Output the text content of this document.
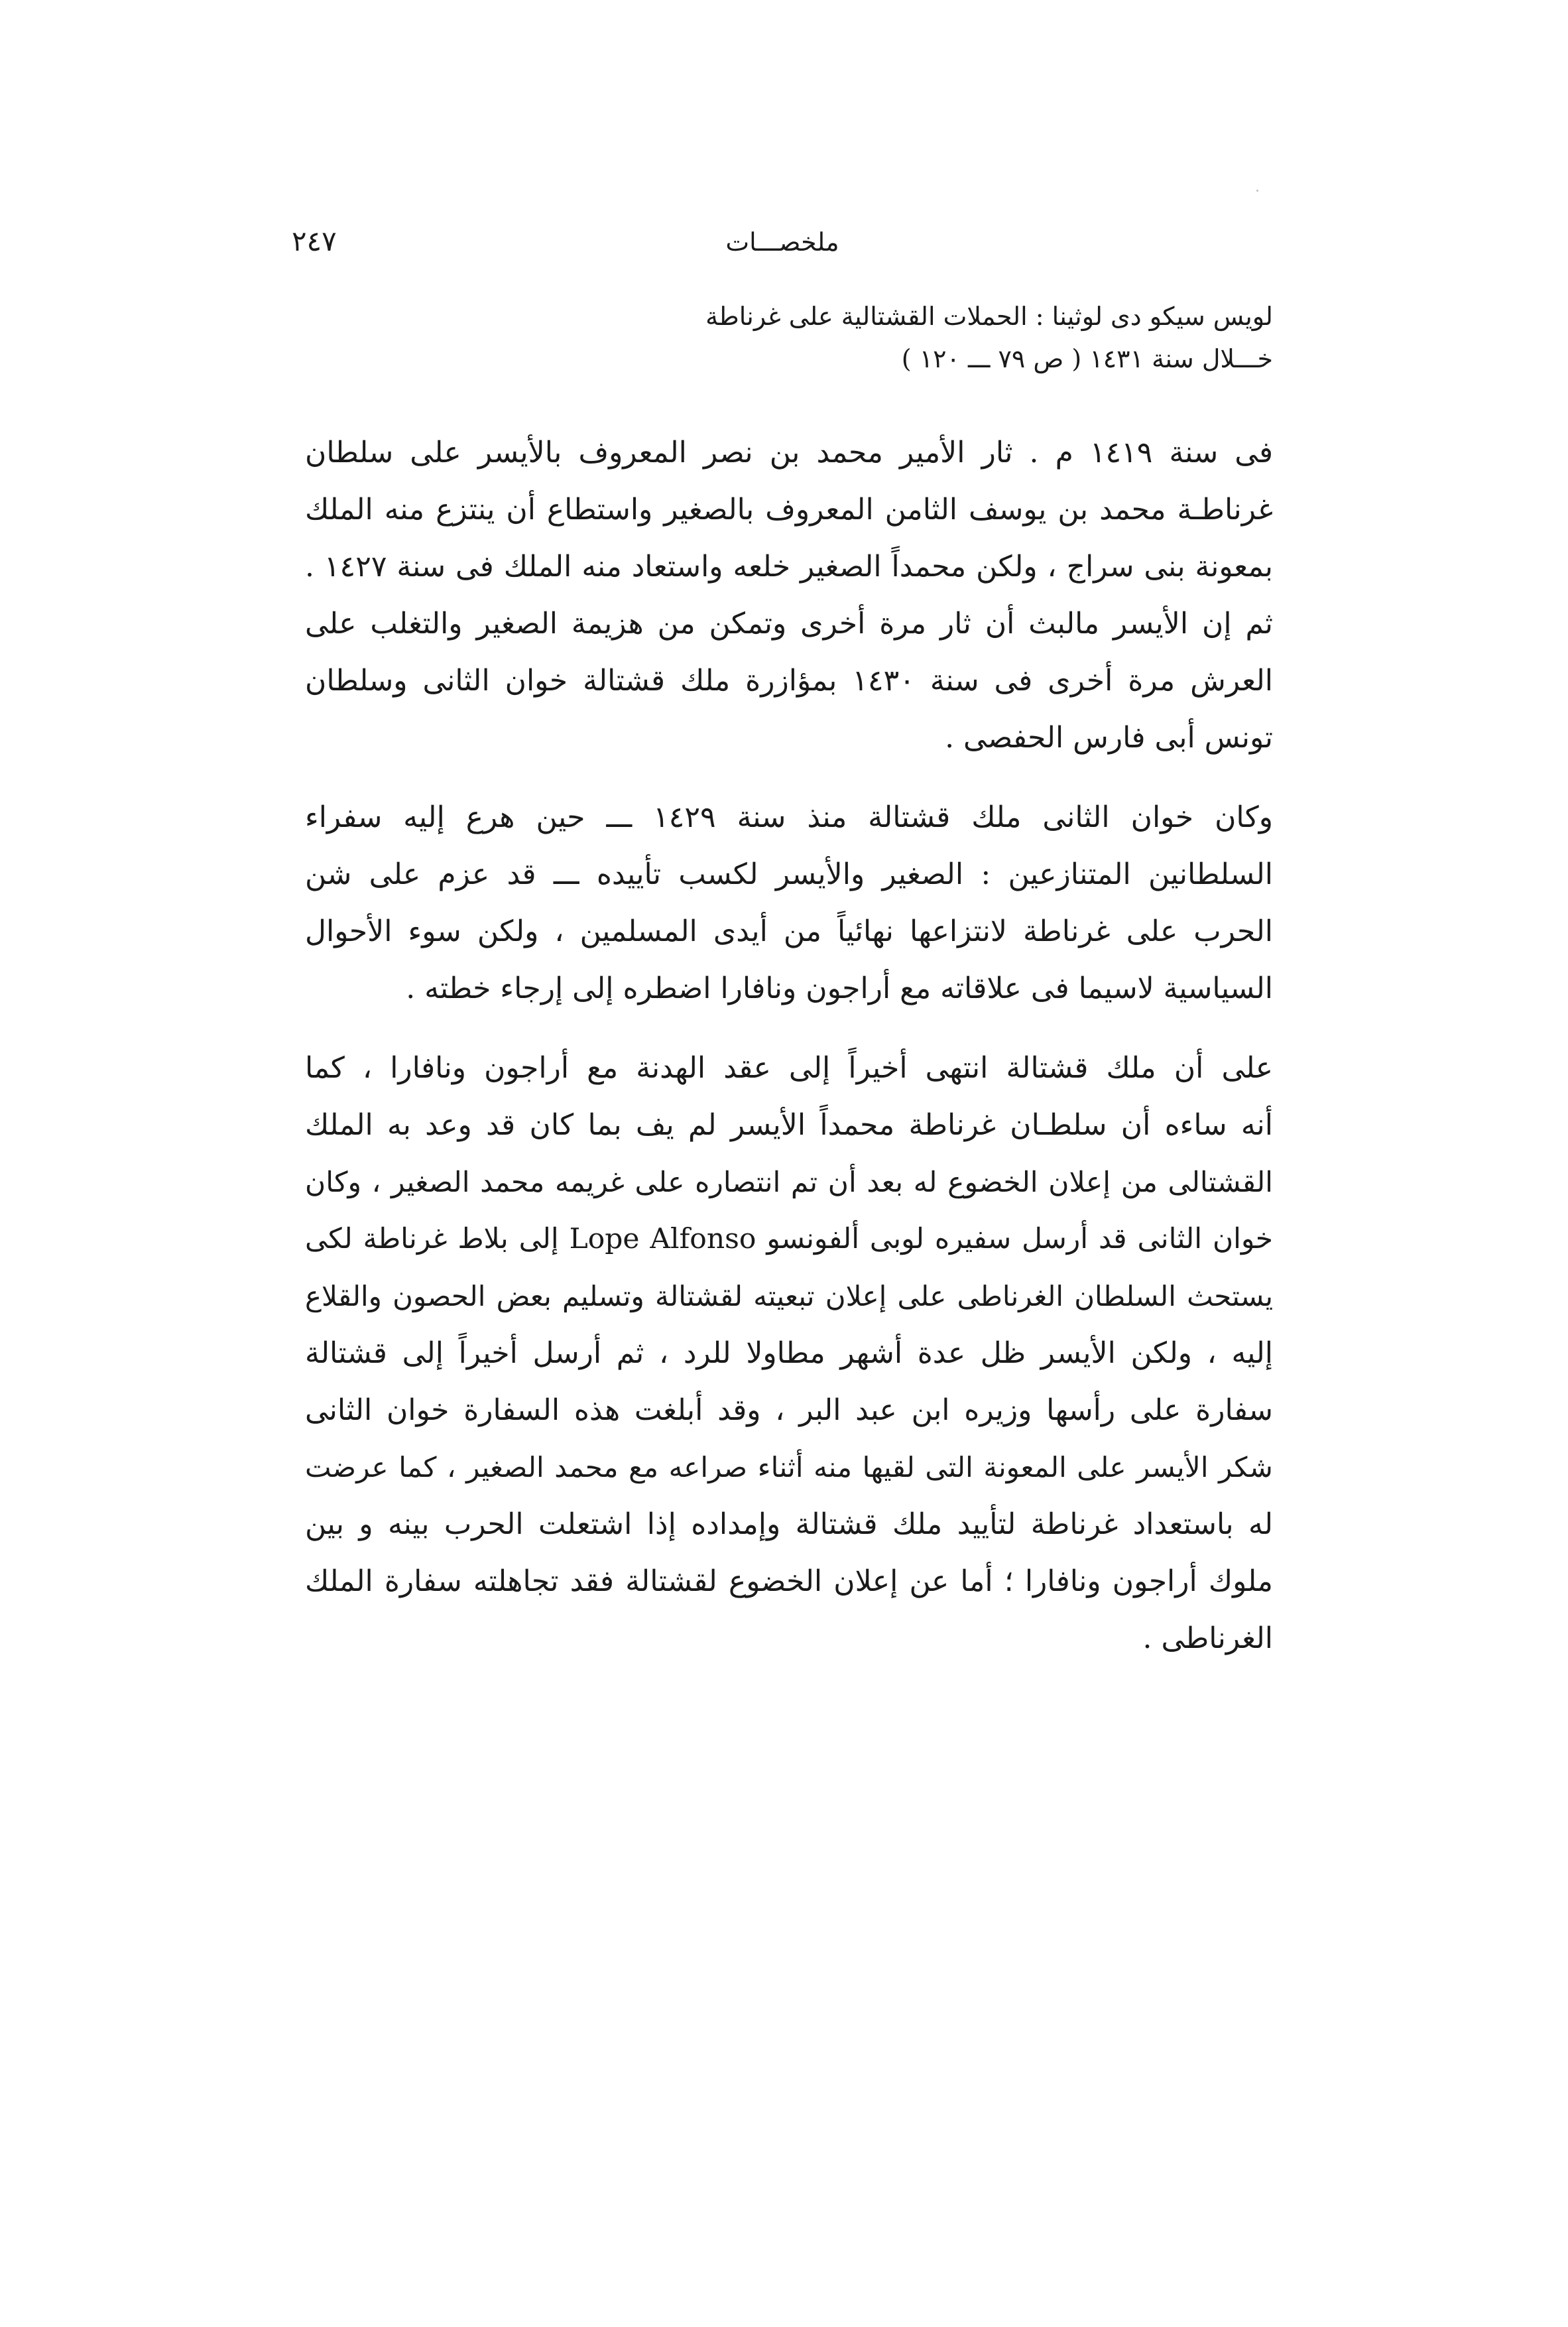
ملخصـــات
٢٤٧
لويس سيكو دى لوثينا : الحملات القشتالية على غرناطة
خـــلال سنة ١٤٣١ ( ص ٧٩ ـــ ١٢٠ )
فى سنة ١٤١٩ م . ثار الأمير محمد بن نصر المعروف بالأيسر على سلطان
غرناطـة محمد بن يوسف الثامن المعروف بالصغير واستطاع أن ينتزع منه الملك
بمعونة بنى سراج ، ولكن محمداً الصغير خلعه واستعاد منه الملك فى سنة ١٤٢٧ .
ثم إن الأيسر مالبث أن ثار مرة أخرى وتمكن من هزيمة الصغير والتغلب على
العرش مرة أخرى فى سنة ١٤٣٠ بمؤازرة ملك قشتالة خوان الثانى وسلطان
تونس أبى فارس الحفصى .
وكان خوان الثانى ملك قشتالة منذ سنة ١٤٢٩ ـــ حين هرع إليه سفراء
السلطانين المتنازعين : الصغير والأيسر لكسب تأييده ـــ قد عزم على شن
الحرب على غرناطة لانتزاعها نهائياً من أيدى المسلمين ، ولكن سوء الأحوال
السياسية لاسيما فى علاقاته مع أراجون ونافارا اضطره إلى إرجاء خطته .
على أن ملك قشتالة انتهى أخيراً إلى عقد الهدنة مع أراجون ونافارا ، كما
أنه ساءه أن سلطـان غرناطة محمداً الأيسر لم يف بما كان قد وعد به الملك
القشتالى من إعلان الخضوع له بعد أن تم انتصاره على غريمه محمد الصغير ، وكان
خوان الثانى قد أرسل سفيره لوبى ألفونسو Lope Alfonso إلى بلاط غرناطة لكى
يستحث السلطان الغرناطى على إعلان تبعيته لقشتالة وتسليم بعض الحصون والقلاع
إليه ، ولكن الأيسر ظل عدة أشهر مطاولا للرد ، ثم أرسل أخيراً إلى قشتالة
سفارة على رأسها وزيره ابن عبد البر ، وقد أبلغت هذه السفارة خوان الثانى
شكر الأيسر على المعونة التى لقيها منه أثناء صراعه مع محمد الصغير ، كما عرضت
له باستعداد غرناطة لتأييد ملك قشتالة وإمداده إذا اشتعلت الحرب بينه و بين
ملوك أراجون ونافارا ؛ أما عن إعلان الخضوع لقشتالة فقد تجاهلته سفارة الملك
الغرناطى .
